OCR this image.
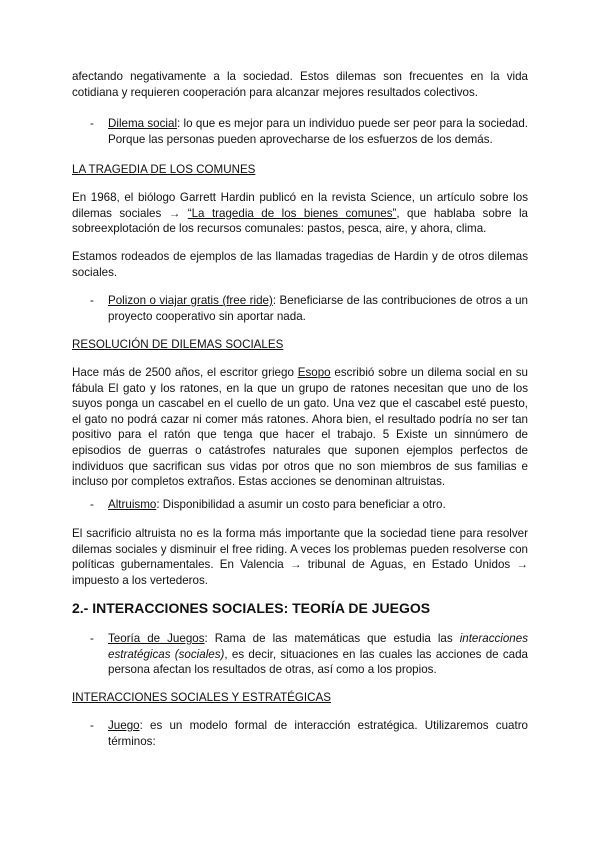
afectando negativamente a la sociedad. Estos dilemas son frecuentes en la vida cotidiana y requieren cooperación para alcanzar mejores resultados colectivos.

- Dilema social: lo que es mejor para un individuo puede ser peor para la sociedad. Porque las personas pueden aprovecharse de los esfuerzos de los demás.
LA TRAGEDIA DE LOS COMUNES

En 1968, el biólogo Garrett Hardin publicó en la revista Science, un artículo sobre los dilemas sociales → “La tragedia de los bienes comunes”, que hablaba sobre la sobreexplotación de los recursos comunales: pastos, pesca, aire, y ahora, clima.

Estamos rodeados de ejemplos de las llamadas tragedias de Hardin y de otros dilemas sociales.

- Polizon o viajar gratis (free ride): Beneficiarse de las contribuciones de otros a un proyecto cooperativo sin aportar nada.
RESOLUCIÓN DE DILEMAS SOCIALES

Hace más de 2500 años, el escritor griego Esopo escribió sobre un dilema social en su fábula El gato y los ratones, en la que un grupo de ratones necesitan que uno de los suyos ponga un cascabel en el cuello de un gato. Una vez que el cascabel esté puesto, el gato no podrá cazar ni comer más ratones. Ahora bien, el resultado podría no ser tan positivo para el ratón que tenga que hacer el trabajo. 5 Existe un sinnúmero de episodios de guerras o catástrofes naturales que suponen ejemplos perfectos de individuos que sacrifican sus vidas por otros que no son miembros de sus familias e incluso por completos extraños. Estas acciones se denominan altruistas.

- Altruismo: Disponibilidad a asumir un costo para beneficiar a otro.

El sacrificio altruista no es la forma más importante que la sociedad tiene para resolver dilemas sociales y disminuir el free riding. A veces los problemas pueden resolverse con políticas gubernamentales. En Valencia → tribunal de Aguas, en Estado Unidos → impuesto a los vertederos.

2.- INTERACCIONES SOCIALES: TEORÍA DE JUEGOS
- Teoría de Juegos: Rama de las matemáticas que estudia las interacciones estratégicas (sociales), es decir, situaciones en las cuales las acciones de cada persona afectan los resultados de otras, así como a los propios.
INTERACCIONES SOCIALES Y ESTRATÉGICAS
- Juego: es un modelo formal de interacción estratégica. Utilizaremos cuatro términos:
